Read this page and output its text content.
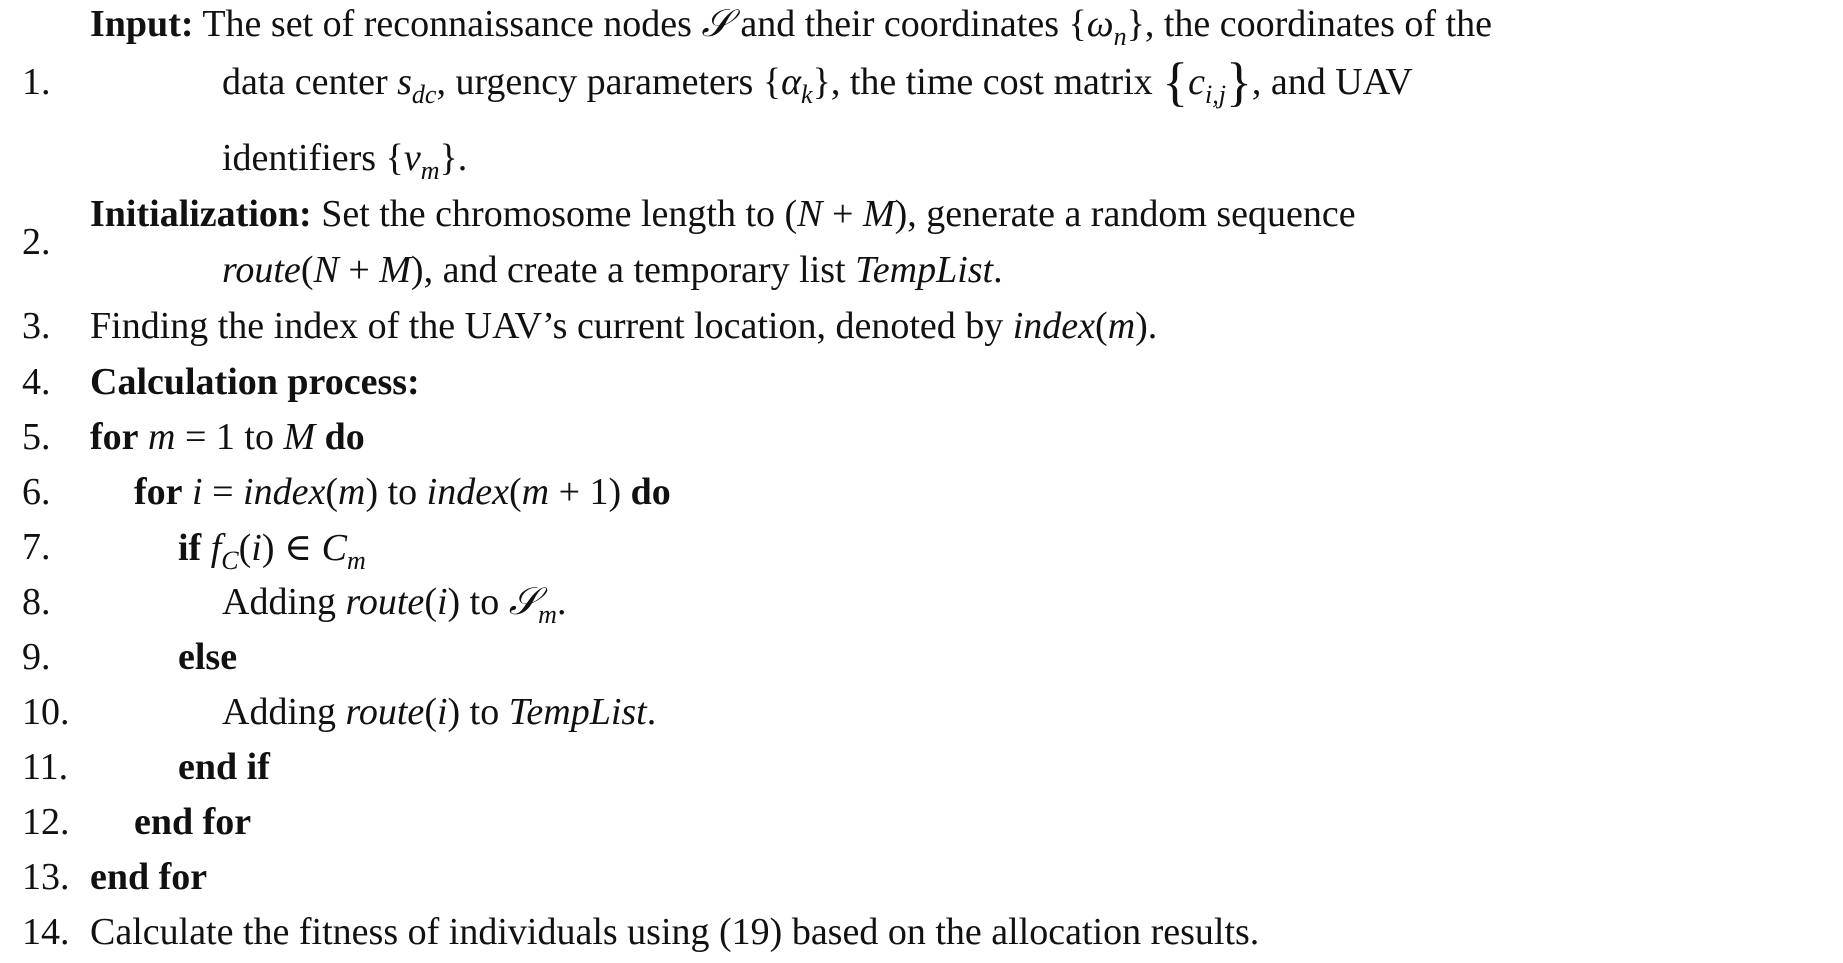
1.
Input: The set of reconnaissance nodes 𝒮 and their coordinates $\{\omega_n\}$, the coordinates of the
data center $s_{dc}$, urgency parameters $\{\alpha_k\}$, the time cost matrix $\{c_{i,j}\}$, and UAV
identifiers $\{v_m\}$.
2.
Initialization: Set the chromosome length to (N + M), generate a random sequence
route(N + M), and create a temporary list TempList.
3. Finding the index of the UAV’s current location, denoted by index(m).
4. Calculation process:
5. for m = 1 to M do
6. for i = index(m) to index(m + 1) do
7.	if $f_C(i)$ ∈ $C_m$
8.	Adding route(i) to 𝒮$_m$.
9.	else
10.	Adding route(i) to TempList.
11.	end if
12. end for
13. end for
14. Calculate the fitness of individuals using (19) based on the allocation results.
